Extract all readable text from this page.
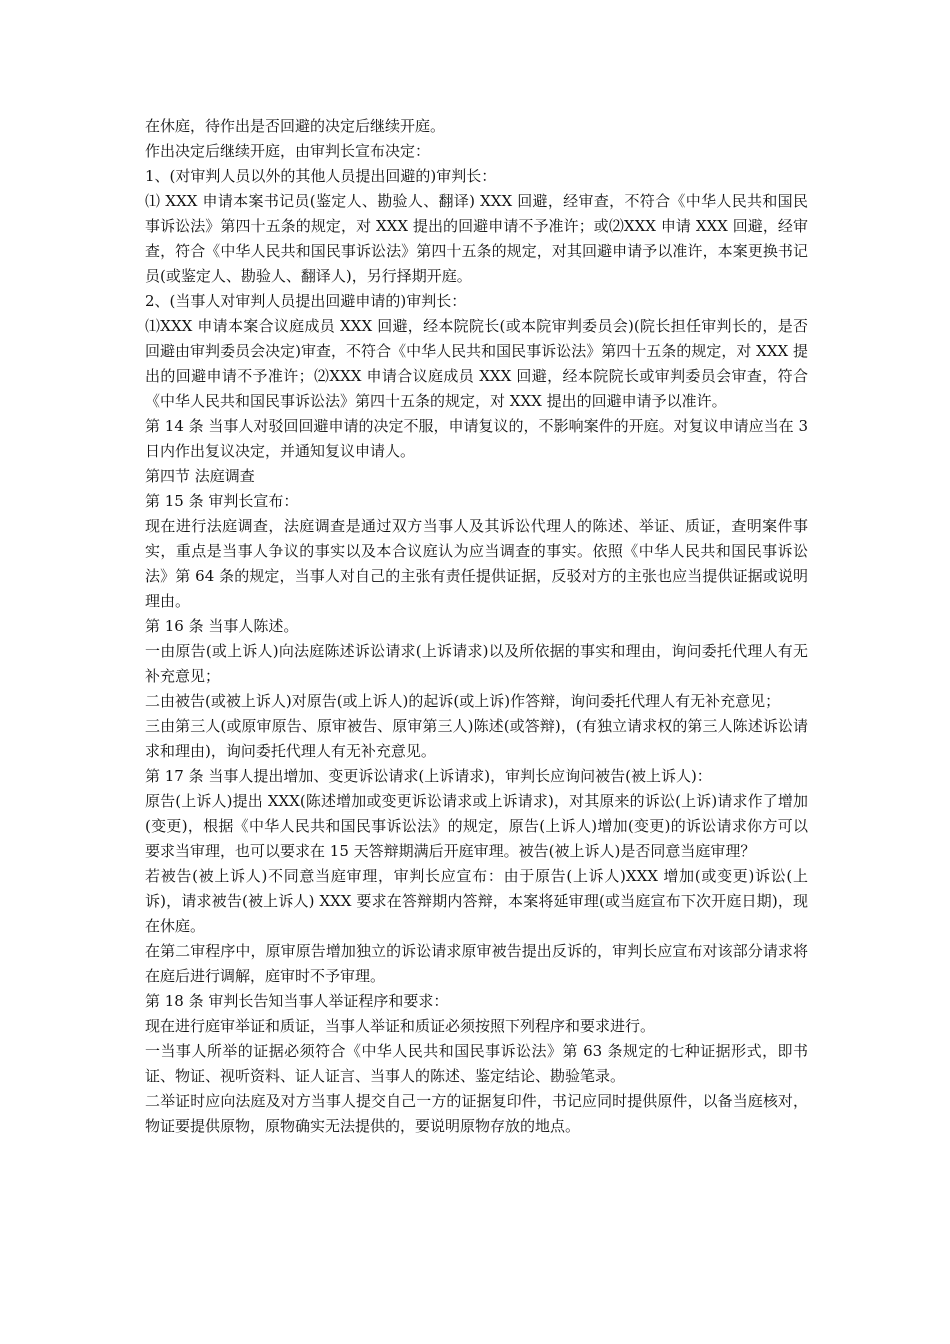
在休庭，待作出是否回避的决定后继续开庭。

作出决定后继续开庭，由审判长宣布决定：

1、(对审判人员以外的其他人员提出回避的)审判长：

⑴ XXX 申请本案书记员(鉴定人、勘验人、翻译) XXX 回避，经审查，不符合《中华人民共和国民事诉讼法》第四十五条的规定，对 XXX 提出的回避申请不予准许；或⑵XXX 申请 XXX 回避，经审查，符合《中华人民共和国民事诉讼法》第四十五条的规定，对其回避申请予以准许，本案更换书记员(或鉴定人、勘验人、翻译人)，另行择期开庭。

2、(当事人对审判人员提出回避申请的)审判长：

⑴XXX 申请本案合议庭成员 XXX 回避，经本院院长(或本院审判委员会)(院长担任审判长的，是否回避由审判委员会决定)审查，不符合《中华人民共和国民事诉讼法》第四十五条的规定，对 XXX 提出的回避申请不予准许；⑵XXX 申请合议庭成员 XXX 回避，经本院院长或审判委员会审查，符合《中华人民共和国民事诉讼法》第四十五条的规定，对 XXX 提出的回避申请予以准许。

第 14 条 当事人对驳回回避申请的决定不服，申请复议的，不影响案件的开庭。对复议申请应当在 3 日内作出复议决定，并通知复议申请人。

第四节 法庭调查

第 15 条 审判长宣布：

现在进行法庭调查，法庭调查是通过双方当事人及其诉讼代理人的陈述、举证、质证，查明案件事实，重点是当事人争议的事实以及本合议庭认为应当调查的事实。依照《中华人民共和国民事诉讼法》第 64 条的规定，当事人对自己的主张有责任提供证据，反驳对方的主张也应当提供证据或说明理由。

第 16 条 当事人陈述。

一由原告(或上诉人)向法庭陈述诉讼请求(上诉请求)以及所依据的事实和理由，询问委托代理人有无补充意见；

二由被告(或被上诉人)对原告(或上诉人)的起诉(或上诉)作答辩，询问委托代理人有无补充意见；

三由第三人(或原审原告、原审被告、原审第三人)陈述(或答辩)，(有独立请求权的第三人陈述诉讼请求和理由)，询问委托代理人有无补充意见。

第 17 条 当事人提出增加、变更诉讼请求(上诉请求)，审判长应询问被告(被上诉人)：

原告(上诉人)提出 XXX(陈述增加或变更诉讼请求或上诉请求)，对其原来的诉讼(上诉)请求作了增加(变更)，根据《中华人民共和国民事诉讼法》的规定，原告(上诉人)增加(变更)的诉讼请求你方可以要求当审理，也可以要求在 15 天答辩期满后开庭审理。被告(被上诉人)是否同意当庭审理？

若被告(被上诉人)不同意当庭审理，审判长应宣布：由于原告(上诉人)XXX 增加(或变更)诉讼(上诉)，请求被告(被上诉人) XXX 要求在答辩期内答辩，本案将延审理(或当庭宣布下次开庭日期)，现在休庭。

在第二审程序中，原审原告增加独立的诉讼请求原审被告提出反诉的，审判长应宣布对该部分请求将在庭后进行调解，庭审时不予审理。

第 18 条 审判长告知当事人举证程序和要求：

现在进行庭审举证和质证，当事人举证和质证必须按照下列程序和要求进行。

一当事人所举的证据必须符合《中华人民共和国民事诉讼法》第 63 条规定的七种证据形式，即书证、物证、视听资料、证人证言、当事人的陈述、鉴定结论、勘验笔录。

二举证时应向法庭及对方当事人提交自己一方的证据复印件，书记应同时提供原件，以备当庭核对，物证要提供原物，原物确实无法提供的，要说明原物存放的地点。
